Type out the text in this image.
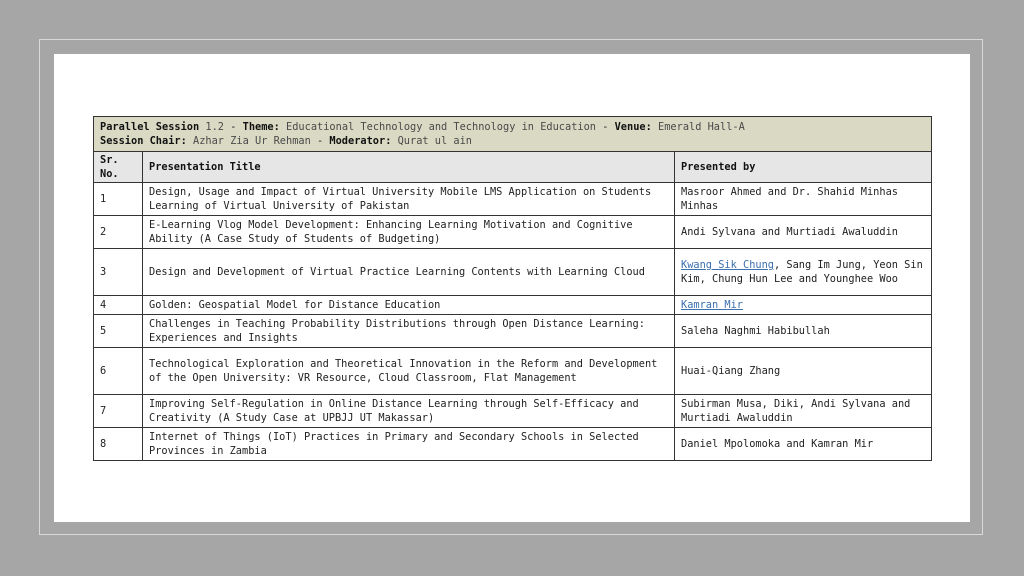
Parallel Session 1.2 - Theme: Educational Technology and Technology in Education - Venue: Emerald Hall-A
Session Chair: Azhar Zia Ur Rehman - Moderator: Qurat ul ain		
Sr. No.	Presentation Title	Presented by
1	Design, Usage and Impact of Virtual University Mobile LMS Application on Students Learning of Virtual University of Pakistan	Masroor Ahmed and Dr. Shahid Minhas Minhas
2	E-Learning Vlog Model Development: Enhancing Learning Motivation and Cognitive Ability (A Case Study of Students of Budgeting)	Andi Sylvana and Murtiadi Awaluddin
3	Design and Development of Virtual Practice Learning Contents with Learning Cloud	Kwang Sik Chung, Sang Im Jung, Yeon Sin Kim, Chung Hun Lee and Younghee Woo
4	Golden: Geospatial Model for Distance Education	Kamran Mir
5	Challenges in Teaching Probability Distributions through Open Distance Learning: Experiences and Insights	Saleha Naghmi Habibullah
6	Technological Exploration and Theoretical Innovation in the Reform and Development of the Open University: VR Resource, Cloud Classroom, Flat Management	Huai-Qiang Zhang
7	Improving Self-Regulation in Online Distance Learning through Self-Efficacy and Creativity (A Study Case at UPBJJ UT Makassar)	Subirman Musa, Diki, Andi Sylvana and Murtiadi Awaluddin
8	Internet of Things (IoT) Practices in Primary and Secondary Schools in Selected Provinces in Zambia	Daniel Mpolomoka and Kamran Mir
